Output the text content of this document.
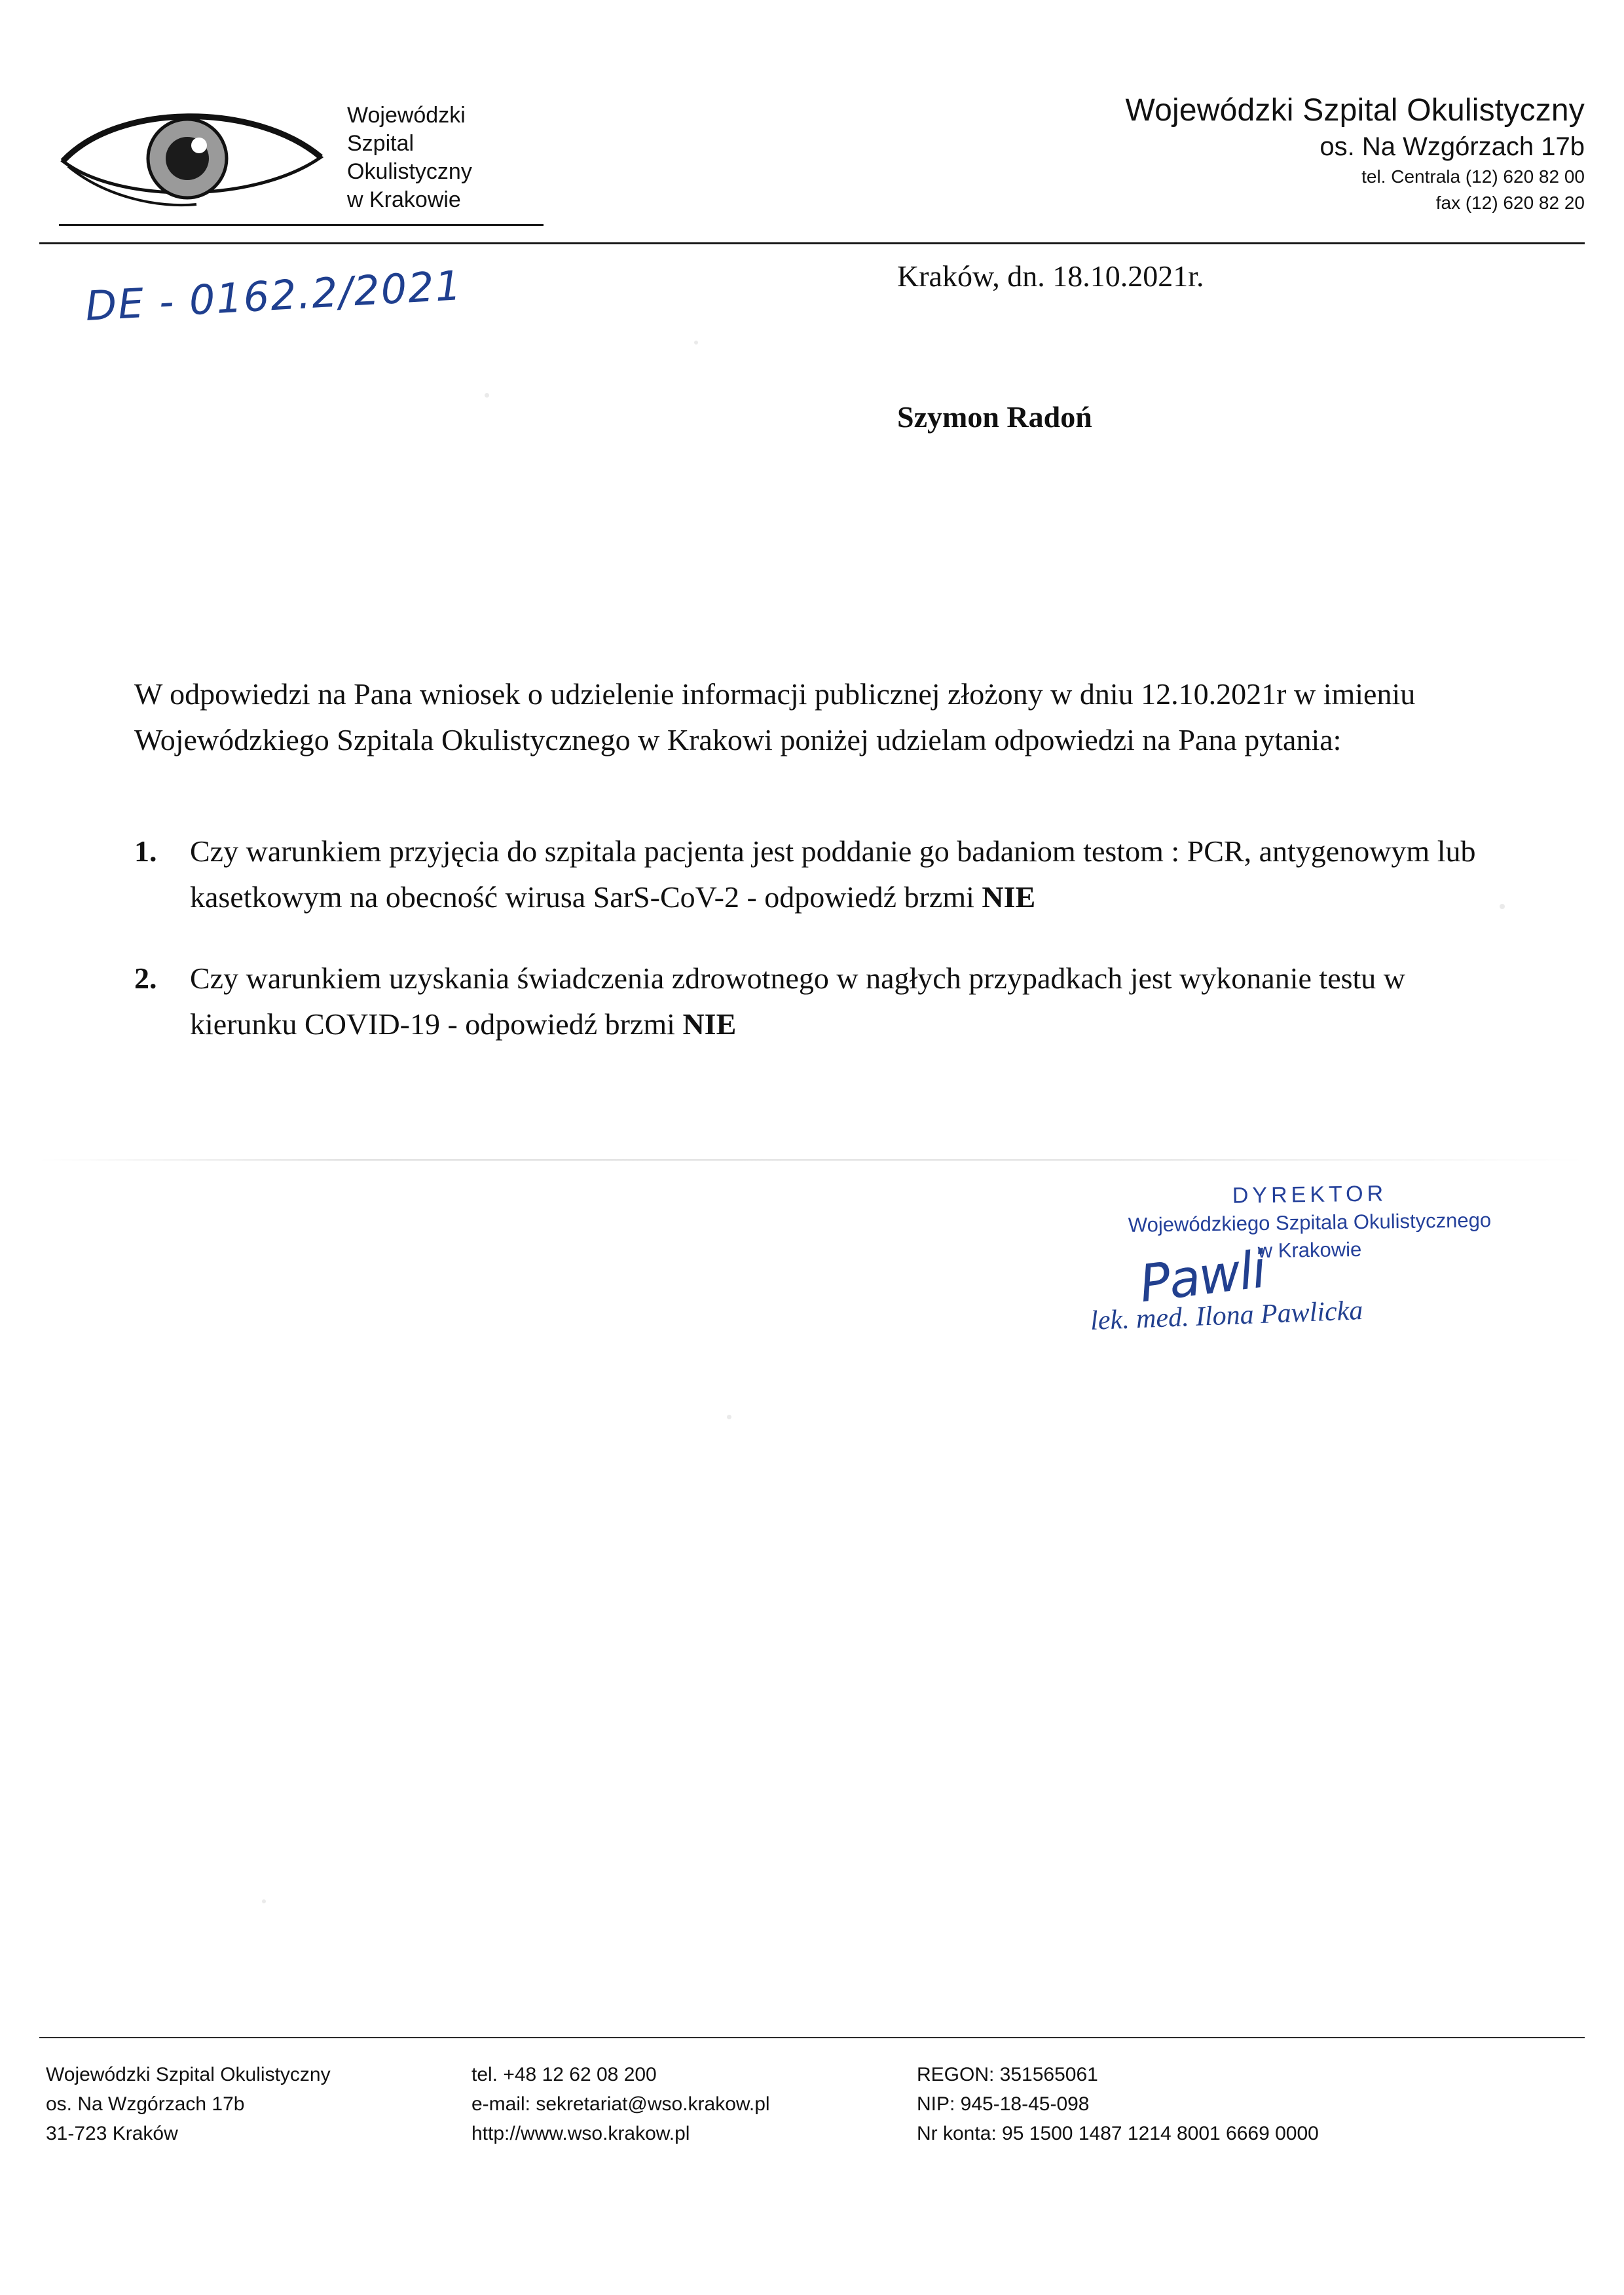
Wojewódzki
Szpital
Okulistyczny
w Krakowie
Wojewódzki Szpital Okulistyczny
os. Na Wzgórzach 17b
tel. Centrala (12) 620 82 00
fax (12) 620 82 20
DE - 0162.2/2021	Kraków, dn. 18.10.2021r.
Szymon Radoń
W odpowiedzi na Pana wniosek o udzielenie informacji publicznej złożony w dniu 12.10.2021r w imieniu Wojewódzkiego Szpitala Okulistycznego w Krakowi poniżej udzielam odpowiedzi na Pana pytania:
1. Czy warunkiem przyjęcia do szpitala pacjenta jest poddanie go badaniom testom : PCR, antygenowym lub kasetkowym na obecność wirusa SarS-CoV-2 - odpowiedź brzmi NIE
2. Czy warunkiem uzyskania świadczenia zdrowotnego w nagłych przypadkach jest wykonanie testu w kierunku COVID-19 - odpowiedź brzmi NIE
DYREKTOR
Wojewódzkiego Szpitala Okulistycznego
w Krakowie
Pawli
lek. med. Ilona Pawlicka
Wojewódzki Szpital Okulistyczny
os. Na Wzgórzach 17b
31-723 Kraków
tel. +48 12 62 08 200
e-mail: sekretariat@wso.krakow.pl
http://www.wso.krakow.pl
REGON: 351565061
NIP: 945-18-45-098
Nr konta: 95 1500 1487 1214 8001 6669 0000
